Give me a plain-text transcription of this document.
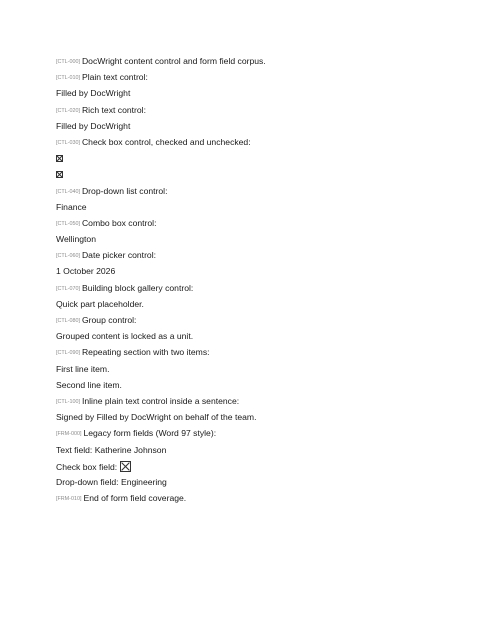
[CTL-000] DocWright content control and form field corpus.
[CTL-010] Plain text control:
Filled by DocWright
[CTL-020] Rich text control:
Filled by DocWright
[CTL-030] Check box control, checked and unchecked:
[CTL-040] Drop-down list control:
Finance
[CTL-050] Combo box control:
Wellington
[CTL-060] Date picker control:
1 October 2026
[CTL-070] Building block gallery control:
Quick part placeholder.
[CTL-080] Group control:
Grouped content is locked as a unit.
[CTL-090] Repeating section with two items:
First line item.
Second line item.
[CTL-100] Inline plain text control inside a sentence:
Signed by Filled by DocWright on behalf of the team.
[FRM-000] Legacy form fields (Word 97 style):
Text field: Katherine Johnson
Check box field:
Drop-down field: Engineering
[FRM-010] End of form field coverage.
